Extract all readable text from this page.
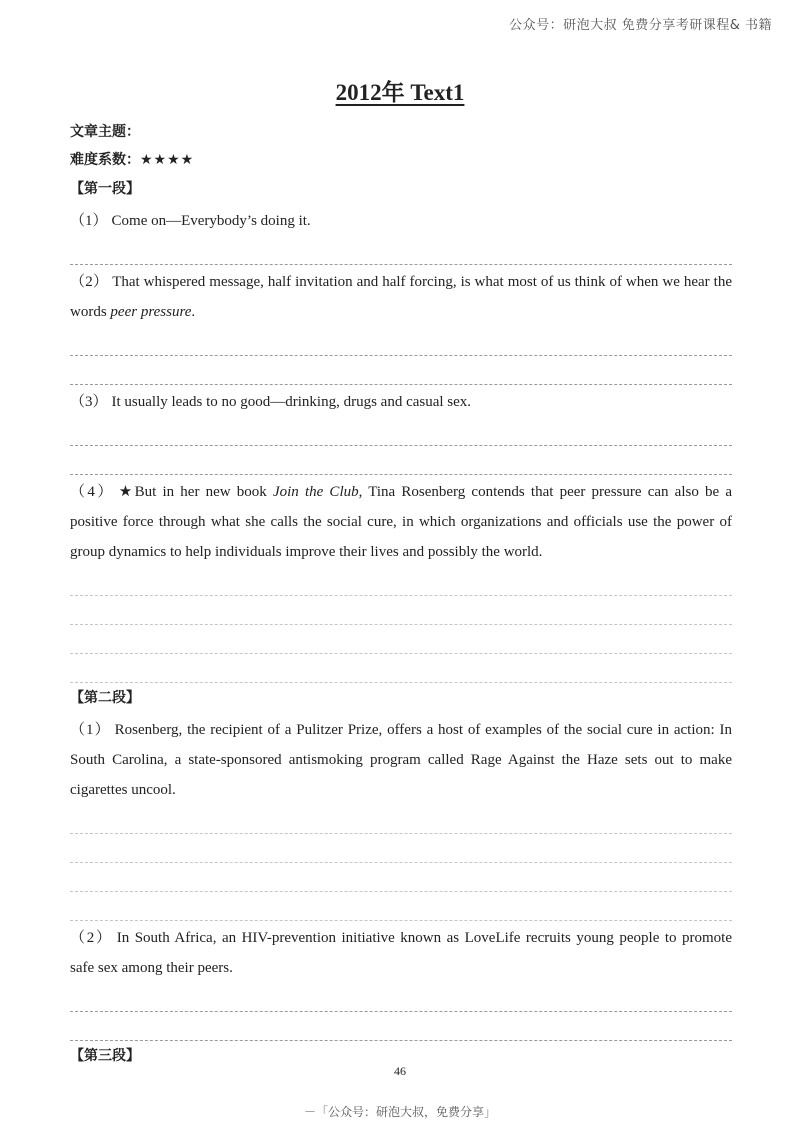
公众号：研泡大叔 免费分享考研课程& 书籍
2012年 Text1
文章主题：
难度系数：★★★★
【第一段】
（1） Come on—Everybody’s doing it.
（2） That whispered message, half invitation and half forcing, is what most of us think of when we hear the words peer pressure.
（3） It usually leads to no good—drinking, drugs and casual sex.
（4） ★But in her new book Join the Club, Tina Rosenberg contends that peer pressure can also be a positive force through what she calls the social cure, in which organizations and officials use the power of group dynamics to help individuals improve their lives and possibly the world.
【第二段】
（1） Rosenberg, the recipient of a Pulitzer Prize, offers a host of examples of the social cure in action: In South Carolina, a state-sponsored antismoking program called Rage Against the Haze sets out to make cigarettes uncool.
（2） In South Africa, an HIV-prevention initiative known as LoveLife recruits young people to promote safe sex among their peers.
【第三段】
46
－「公众号：研泡大叔，免费分享」
